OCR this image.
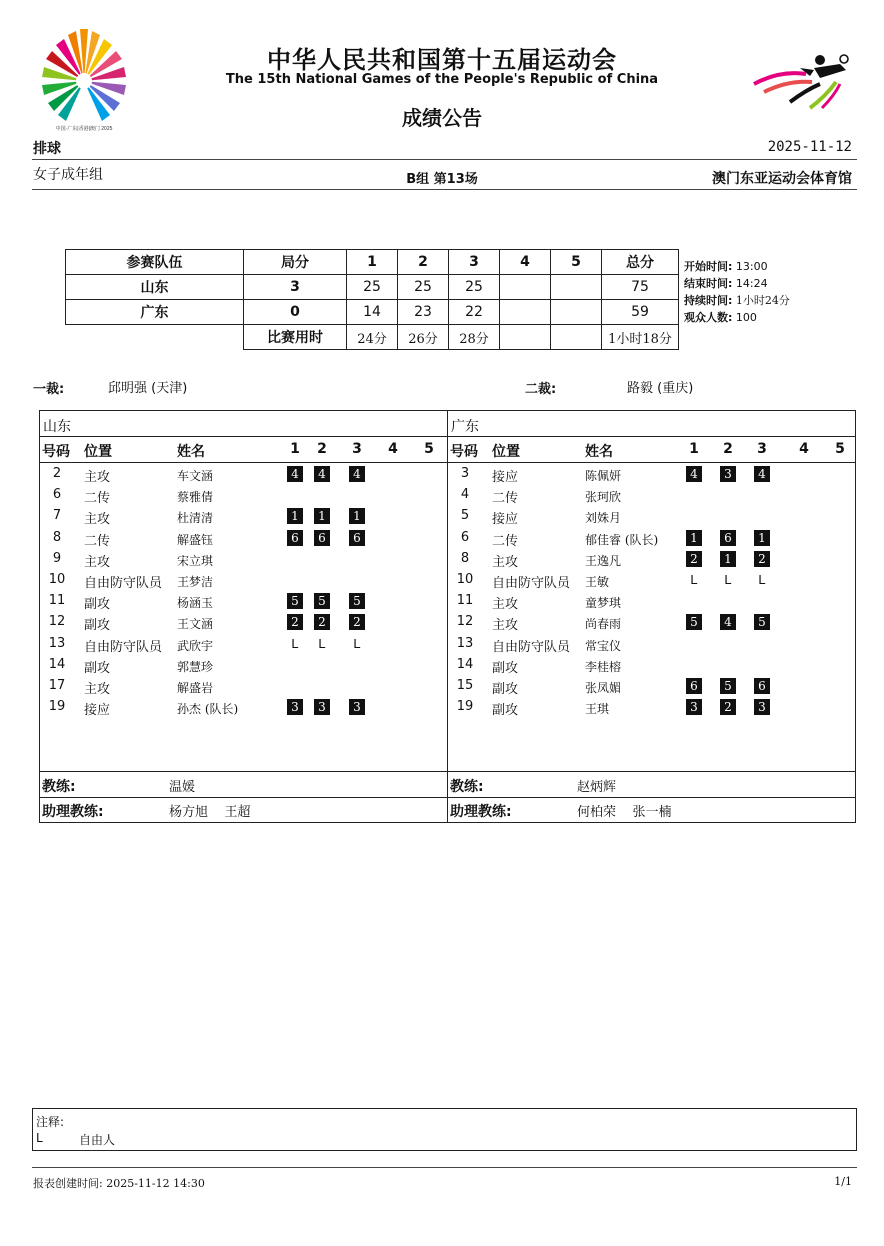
中国·广东|香港|澳门 2025
中华人民共和国第十五届运动会
The 15th National Games of the People's Republic of China
成绩公告
排球	2025-11-12
女子成年组	B组 第13场	澳门东亚运动会体育馆
参赛队伍	局分	1	2	3	4	5	总分
山东	3	25	25	25			75
广东	0	14	23	22			59
	比赛用时	24分	26分	28分			1小时18分
开始时间: 13:00
结束时间: 14:24
持续时间: 1小时24分
观众人数: 100
一裁:	邱明强 (天津)	二裁:	路毅 (重庆)
山东
号码 位置	姓名	1 2 3 4 5
2	主攻	车文涵	4	4	4
6	二传	蔡雅倩
7	主攻	杜清清	1	1	1
8	二传	解盛钰	6	6	6
9	主攻	宋立琪
10	自由防守队员 王梦洁
11	副攻	杨涵玉	5	5	5
12	副攻	王文涵	2	2	2
13	自由防守队员 武欣宇	L	L	L
14	副攻	郭慧珍
17	主攻	解盛岩
19	接应	孙杰 (队长)	3	3	3
教练:	温媛
助理教练:	杨方旭    王超
广东
号码 位置	姓名	1 2 3 4 5
3	接应	陈佩妍	4	3	4
4	二传	张珂欣
5	接应	刘姝月
6	二传	郁佳睿 (队长)	1	6	1
8	主攻	王逸凡	2	1	2
10	自由防守队员 王敏	L	L	L
11	主攻	童梦琪
12	主攻	尚春雨	5	4	5
13	自由防守队员 常宝仪
14	副攻	李桂榕
15	副攻	张凤媚	6	5	6
19	副攻	王琪	3	2	3
教练:	赵炳辉
助理教练:	何柏荣    张一楠
注释:
L	自由人
报表创建时间: 2025-11-12 14:30	1/1
